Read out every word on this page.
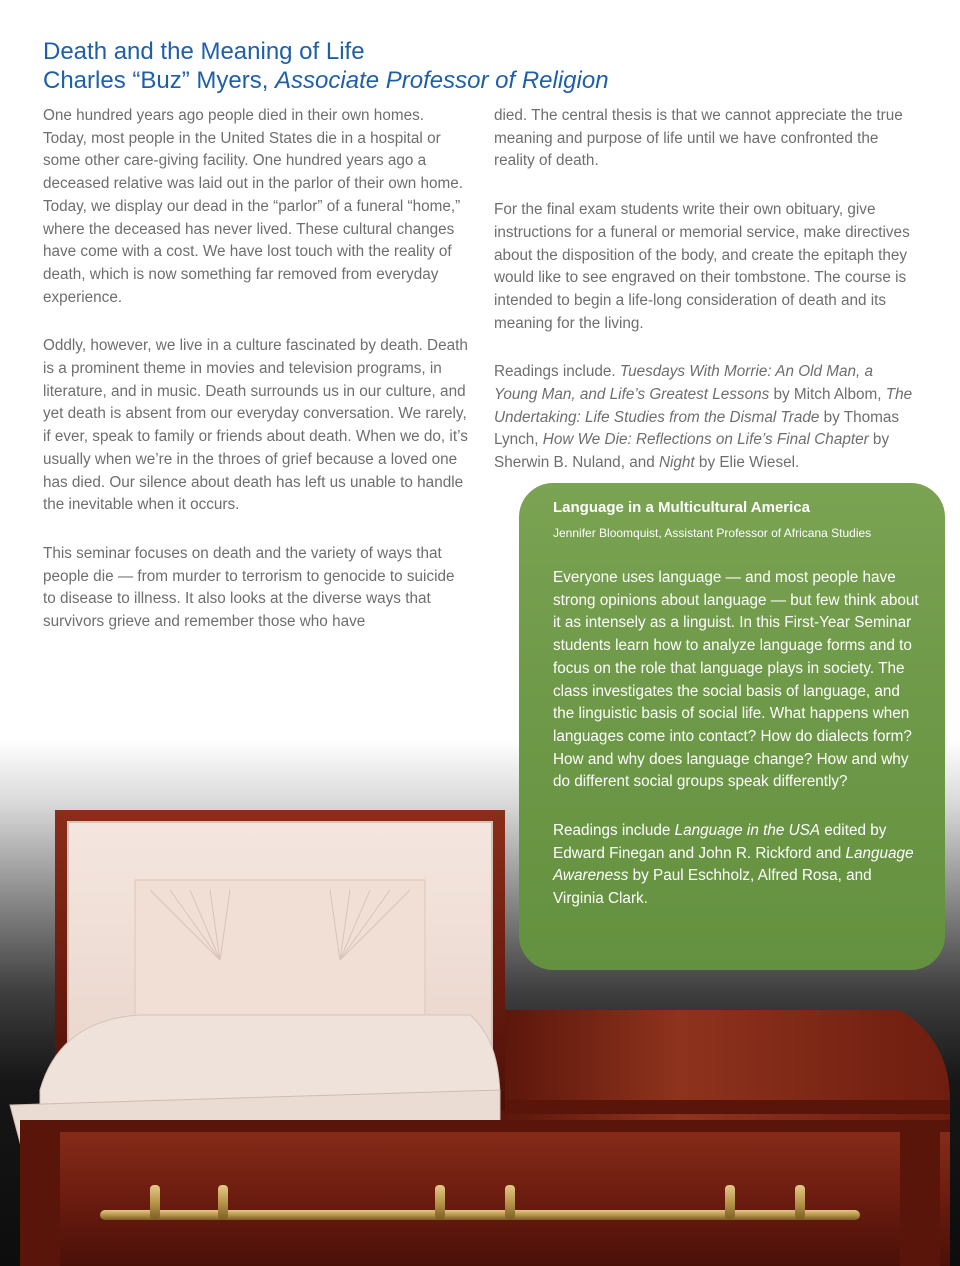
Death and the Meaning of Life
Charles “Buz” Myers, Associate Professor of Religion

One hundred years ago people died in their own homes. Today, most people in the United States die in a hospital or some other care-giving facility. One hundred years ago a deceased relative was laid out in the parlor of their own home. Today, we display our dead in the “parlor” of a funeral “home,” where the deceased has never lived. These cultural changes have come with a cost. We have lost touch with the reality of death, which is now something far removed from everyday experience.

Oddly, however, we live in a culture fascinated by death. Death is a prominent theme in movies and television programs, in literature, and in music. Death surrounds us in our culture, and yet death is absent from our everyday conversation. We rarely, if ever, speak to family or friends about death. When we do, it’s usually when we’re in the throes of grief because a loved one has died. Our silence about death has left us unable to handle the inevitable when it occurs.

This seminar focuses on death and the variety of ways that people die — from murder to terrorism to genocide to suicide to disease to illness. It also looks at the diverse ways that survivors grieve and remember those who have

died. The central thesis is that we cannot appreciate the true meaning and purpose of life until we have confronted the reality of death.

For the final exam students write their own obituary, give instructions for a funeral or memorial service, make directives about the disposition of the body, and create the epitaph they would like to see engraved on their tombstone. The course is intended to begin a life-long consideration of death and its meaning for the living.

Readings include. Tuesdays With Morrie: An Old Man, a Young Man, and Life’s Greatest Lessons by Mitch Albom, The Undertaking: Life Studies from the Dismal Trade by Thomas Lynch, How We Die: Reflections on Life’s Final Chapter by Sherwin B. Nuland, and Night by Elie Wiesel.

Language in a Multicultural America
Jennifer Bloomquist, Assistant Professor of Africana Studies

Everyone uses language — and most people have strong opinions about language — but few think about it as intensely as a linguist. In this First-Year Seminar students learn how to analyze language forms and to focus on the role that language plays in society. The class investigates the social basis of language, and the linguistic basis of social life. What happens when languages come into contact? How do dialects form? How and why does language change? How and why do different social groups speak differently?

Readings include Language in the USA edited by Edward Finegan and John R. Rickford and Language Awareness by Paul Eschholz, Alfred Rosa, and Virginia Clark.
